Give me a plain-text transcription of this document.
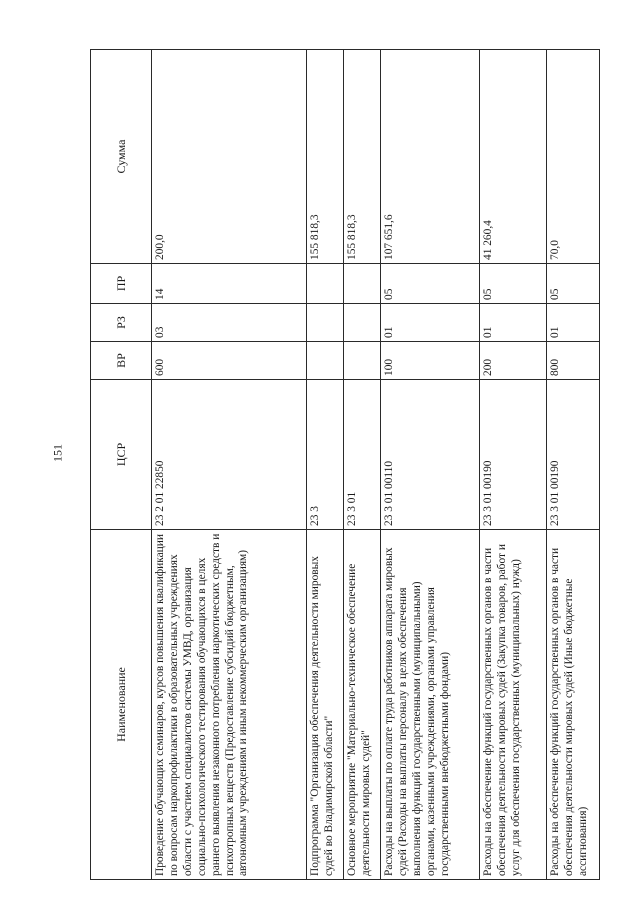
151
Наименование	ЦСР	ВР	РЗ	ПР	Сумма
Проведение обучающих семинаров, курсов повышения квалификации по вопросам наркопрофилактики в образовательных учреждениях области с участием специалистов системы УМВД, организация социально-психологического тестирования обучающихся в целях раннего выявления незаконного потребления наркотических средств и психотропных веществ (Предоставление субсидий бюджетным, автономным учреждениям и иным некоммерческим организациям)	23 2 01 22850	600	03	14	200,0
Подпрограмма "Организация обеспечения деятельности мировых судей во Владимирской области"	23 3				155 818,3
Основное мероприятие "Материально-техническое обеспечение деятельности мировых судей"	23 3 01				155 818,3
Расходы на выплаты по оплате труда работников аппарата мировых судей (Расходы на выплаты персоналу в целях обеспечения выполнения функций государственными (муниципальными) органами, казенными учреждениями, органами управления государственными внебюджетными фондами)	23 3 01 00110	100	01	05	107 651,6
Расходы на обеспечение функций государственных органов в части обеспечения деятельности мировых судей (Закупка товаров, работ и услуг для обеспечения государственных (муниципальных) нужд)	23 3 01 00190	200	01	05	41 260,4
Расходы на обеспечение функций государственных органов в части обеспечения деятельности мировых судей (Иные бюджетные ассигнования)	23 3 01 00190	800	01	05	70,0
